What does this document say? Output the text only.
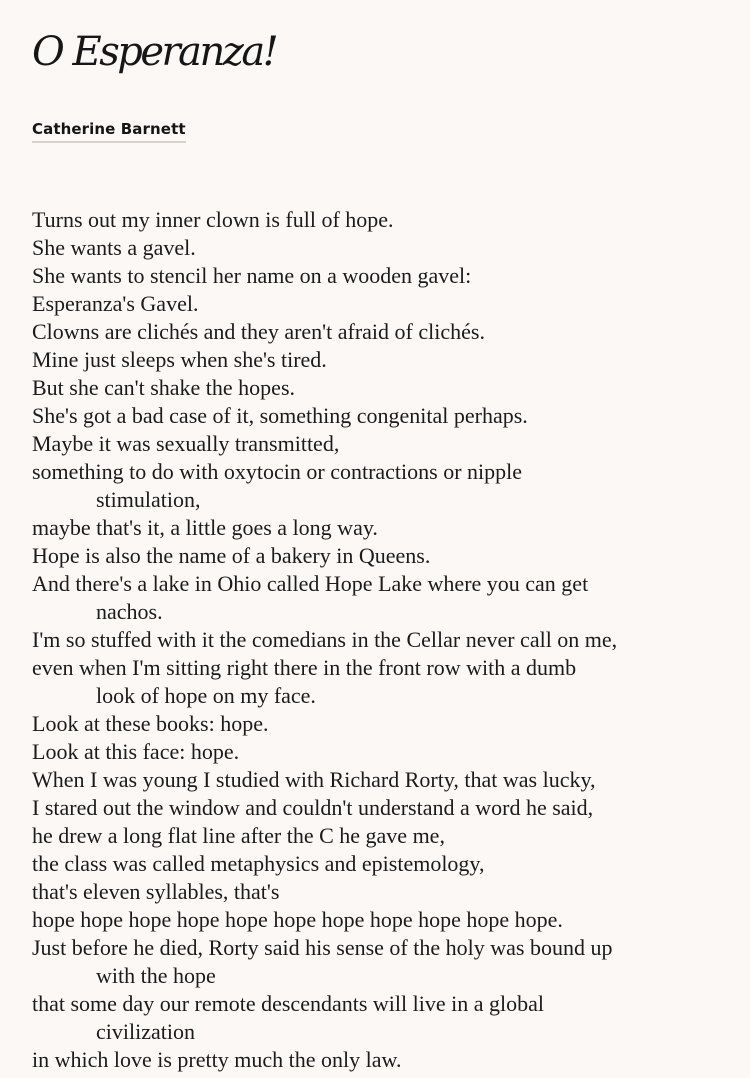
O Esperanza!
Catherine Barnett
Turns out my inner clown is full of hope.
She wants a gavel.
She wants to stencil her name on a wooden gavel:
Esperanza's Gavel.
Clowns are clichés and they aren't afraid of clichés.
Mine just sleeps when she's tired.
But she can't shake the hopes.
She's got a bad case of it, something congenital perhaps.
Maybe it was sexually transmitted,
something to do with oxytocin or contractions or nipple
stimulation,
maybe that's it, a little goes a long way.
Hope is also the name of a bakery in Queens.
And there's a lake in Ohio called Hope Lake where you can get
nachos.
I'm so stuffed with it the comedians in the Cellar never call on me,
even when I'm sitting right there in the front row with a dumb
look of hope on my face.
Look at these books: hope.
Look at this face: hope.
When I was young I studied with Richard Rorty, that was lucky,
I stared out the window and couldn't understand a word he said,
he drew a long flat line after the C he gave me,
the class was called metaphysics and epistemology,
that's eleven syllables, that's
hope hope hope hope hope hope hope hope hope hope hope.
Just before he died, Rorty said his sense of the holy was bound up
with the hope
that some day our remote descendants will live in a global
civilization
in which love is pretty much the only law.
